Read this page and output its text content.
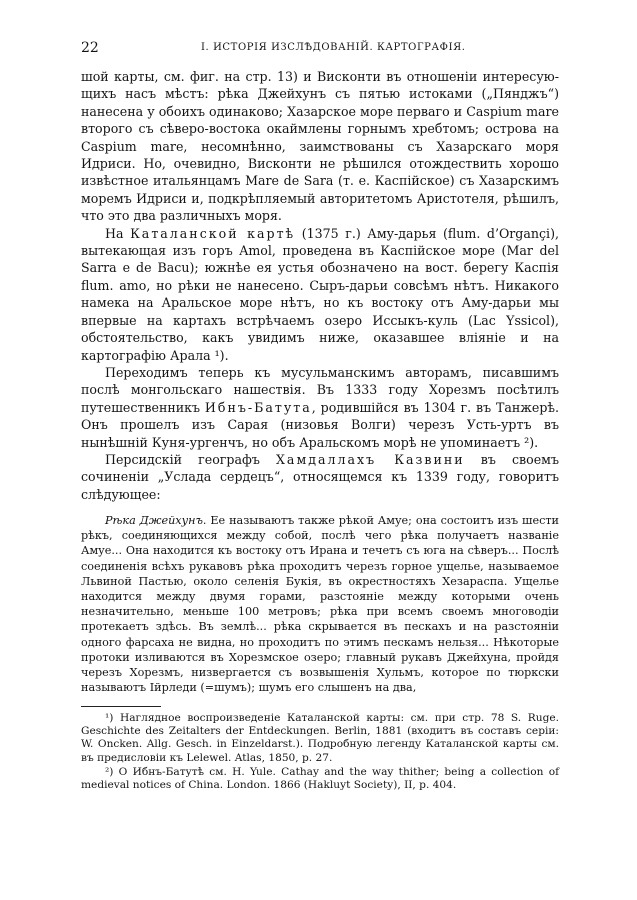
22	I. ИСТОРІЯ ИЗСЛѢДОВАНІЙ. КАРТОГРАФІЯ.

шой карты, см. фиг. на стр. 13) и Висконти въ отношеніи интересую-щихъ насъ мѣстъ: рѣка Джейхунъ съ пятью истоками („Пянджъ“) нанесена у обоихъ одинаково; Хазарское море перваго и Caspium mare второго съ сѣверо-востока окаймлены горнымъ хребтомъ; острова на Caspium mare, несомнѣнно, заимствованы съ Хазарскаго моря Идриси. Но, очевидно, Висконти не рѣшился отождествить хорошо извѣстное итальянцамъ Mare de Sara (т. е. Каспійское) съ Хазарскимъ моремъ Идриси и, подкрѣпляемый авторитетомъ Аристотеля, рѣшилъ, что это два различныхъ моря.

На Каталанской картѣ (1375 г.) Аму-дарья (flum. d’Organçi), вытекающая изъ горъ Amol, проведена въ Каспійское море (Mar del Sarra e de Bacu); южнѣе ея устья обозначено на вост. берегу Каспія flum. amo, но рѣки не нанесено. Сыръ-дарьи совсѣмъ нѣтъ. Никакого намека на Аральское море нѣтъ, но къ востоку отъ Аму-дарьи мы впервые на картахъ встрѣчаемъ озеро Иссыкъ-куль (Lac Yssicol), обстоятельство, какъ увидимъ ниже, оказавшее вліяніе и на картографію Арала ¹).

Переходимъ теперь къ мусульманскимъ авторамъ, писавшимъ послѣ монгольскаго нашествія. Въ 1333 году Хорезмъ посѣтилъ путешественникъ Ибнъ-Батута, родившійся въ 1304 г. въ Танжерѣ. Онъ прошелъ изъ Сарая (низовья Волги) черезъ Усть-уртъ въ нынѣшній Куня-ургенчъ, но объ Аральскомъ морѣ не упоминаетъ ²).

Персидскій географъ Хамдаллахъ Казвини въ своемъ сочиненіи „Услада сердецъ“, относящемся къ 1339 году, говоритъ слѣдующее:

Рѣка Джейхунъ. Ее называютъ также рѣкой Амуе; она состоитъ изъ шести рѣкъ, соединяющихся между собой, послѣ чего рѣка получаетъ названіе Амуе... Она находится къ востоку отъ Ирана и течетъ съ юга на сѣверъ... Послѣ соединенія всѣхъ рукавовъ рѣка проходитъ черезъ горное ущелье, называемое Львиной Пастью, около селенія Букія, въ окрестностяхъ Хезараспа. Ущелье находится между двумя горами, разстояніе между которыми очень незначительно, меньше 100 метровъ; рѣка при всемъ своемъ многоводіи протекаетъ здѣсь. Въ землѣ... рѣка скрывается въ пескахъ и на разстояніи одного фарсаха не видна, но проходитъ по этимъ пескамъ нельзя... Нѣкоторые протоки изливаются въ Хорезмское озеро; главный рукавъ Джейхуна, пройдя черезъ Хорезмъ, низвергается съ возвышенія Хульмъ, которое по тюркски называютъ Ійрледи (=шумъ); шумъ его слышенъ на два,

¹) Наглядное воспроизведеніе Каталанской карты: см. при стр. 78 S. Ruge. Geschichte des Zeitalters der Entdeckungen. Berlin, 1881 (входитъ въ составъ серіи: W. Oncken. Allg. Gesch. in Einzeldarst.). Подробную легенду Каталанской карты см. въ предисловіи къ Lelewel. Atlas, 1850, p. 27.

²) О Ибнъ-Батутѣ см. H. Yule. Cathay and the way thither; being a collection of medieval notices of China. London. 1866 (Hakluyt Society), II, p. 404.
